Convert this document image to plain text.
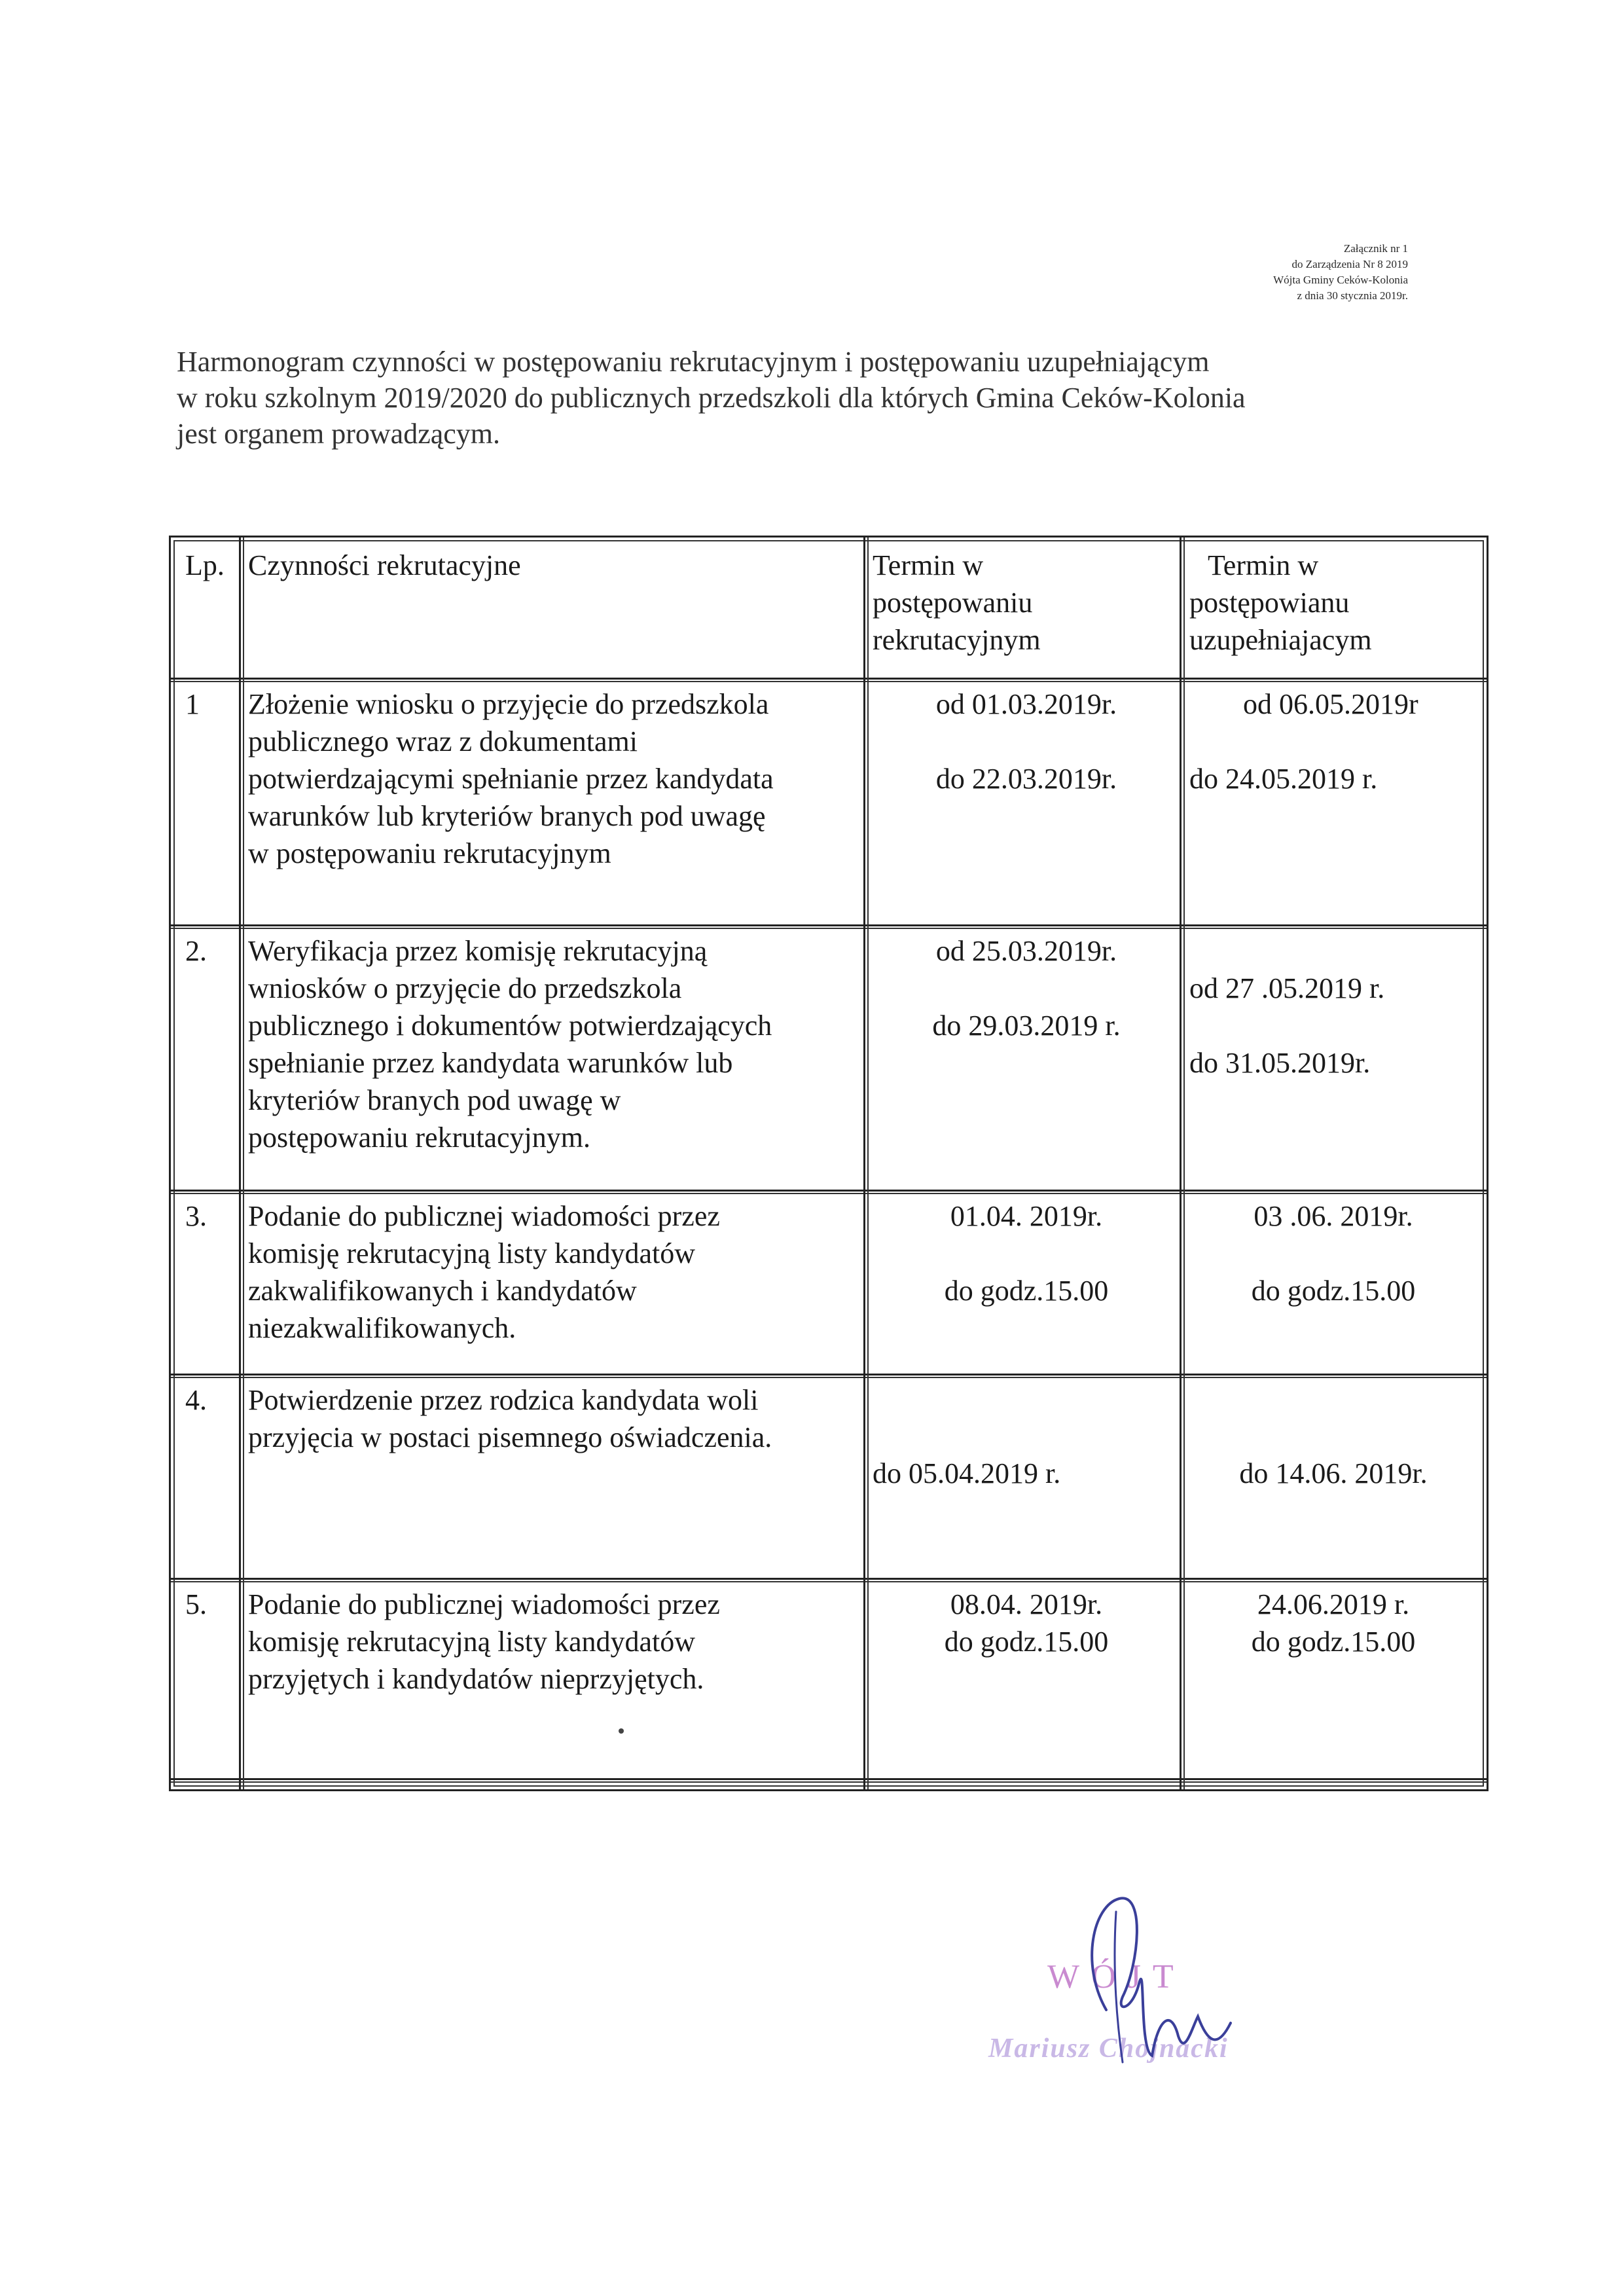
Załącznik nr 1
do Zarządzenia Nr 8 2019
Wójta Gminy Ceków-Kolonia
z dnia 30 stycznia 2019r.
Harmonogram czynności w postępowaniu rekrutacyjnym i postępowaniu uzupełniającym
w roku szkolnym 2019/2020 do publicznych przedszkoli dla których Gmina Ceków-Kolonia
jest organem prowadzącym.
Lp. Czynności rekrutacyjne	Termin w
postępowaniu
rekrutacyjnym
Termin w
postępowianu
uzupełniajacym
1 Złożenie wniosku o przyjęcie do przedszkola
publicznego wraz z dokumentami
potwierdzającymi spełnianie przez kandydata
warunków lub kryteriów branych pod uwagę
w postępowaniu rekrutacyjnym
od 01.03.2019r.
do 22.03.2019r.
od 06.05.2019r
do 24.05.2019 r.
2. Weryfikacja przez komisję rekrutacyjną
wniosków o przyjęcie do przedszkola
publicznego i dokumentów potwierdzających
spełnianie przez kandydata warunków lub
kryteriów branych pod uwagę w
postępowaniu rekrutacyjnym.
od 25.03.2019r.
do 29.03.2019 r.
od 27 .05.2019 r.
do 31.05.2019r.
3. Podanie do publicznej wiadomości przez
komisję rekrutacyjną listy kandydatów
zakwalifikowanych i kandydatów
niezakwalifikowanych.
01.04. 2019r.
do godz.15.00
03 .06. 2019r.
do godz.15.00
4. Potwierdzenie przez rodzica kandydata woli
przyjęcia w postaci pisemnego oświadczenia.
do 05.04.2019 r.	do 14.06. 2019r.
5. Podanie do publicznej wiadomości przez
komisję rekrutacyjną listy kandydatów
przyjętych i kandydatów nieprzyjętych.
08.04. 2019r.
do godz.15.00
24.06.2019 r.
do godz.15.00
WÓJT
Mariusz Chojnacki
